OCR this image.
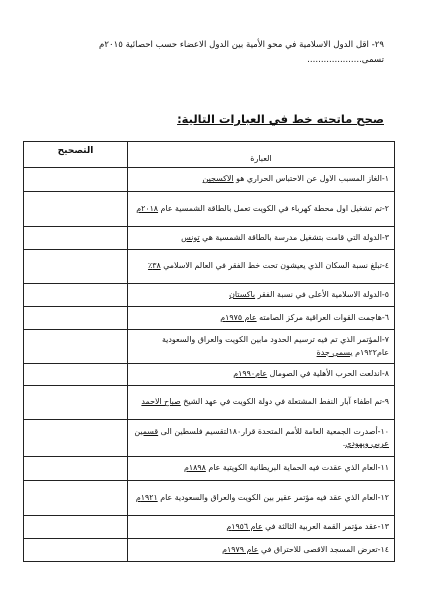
٢٩- اقل الدول الاسلامية في محو الأمية بين الدول الاعضاء حسب احصائية ٢٠١٥م
تسمى....................
صحح ماتحته خط في العبارات التالية:
العبارة	التصحيح
١-الغاز المسبب الاول عن الاحتباس الحراري هو الاكسجين	
٢-تم تشغيل اول محطة كهرباء في الكويت تعمل بالطاقة الشمسية عام ٢٠١٨م	
٣-الدولة التي قامت بتشغيل مدرسة بالطاقة الشمسية هي تونس	
٤-تبلغ نسبة السكان الذي يعيشون تحت خط الفقر في العالم الاسلامي ٣٨٪	
٥-الدولة الاسلامية الأعلى في نسبة الفقر باكستان	
٦-هاجمت القوات العراقية مركز الصامته عام ١٩٧٥م	
٧-المؤتمر الذي تم فيه ترسيم الحدود مابين الكويت والعراق والسعودية عام١٩٢٢م يسمى جدة	
٨-اندلعت الحرب الأهلية في الصومال عام١٩٩٠م	
٩-تم اطفاء آبار النفط المشتعلة في دولة الكويت في عهد الشيخ صباح الاحمد	
١٠-أصدرت الجمعية العامة للأمم المتحدة قرار١٨٠لتقسيم فلسطين الى قسمين عربي ويهودي.	
١١-العام الذي عقدت فيه الحماية البريطانية الكويتية عام ١٨٩٨م	
١٢-العام الذي عقد فيه مؤتمر عقير بين الكويت والعراق والسعودية عام ١٩٢١م	
١٣-عقد مؤتمر القمة العربية الثالثة في عام ١٩٥٦م	
١٤-تعرض المسجد الاقصى للاحتراق في عام ١٩٧٩م	
